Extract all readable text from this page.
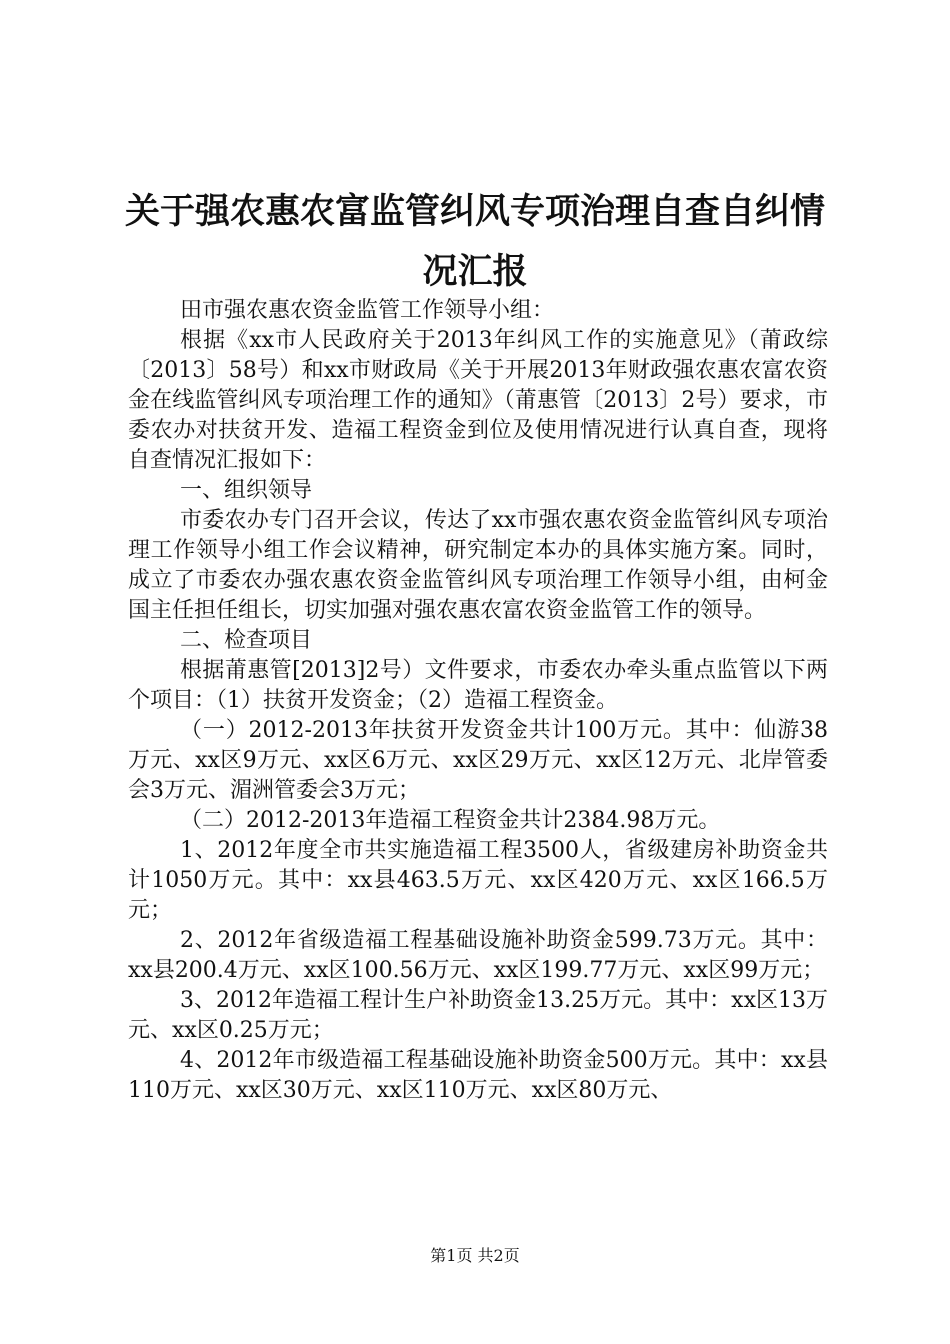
关于强农惠农富监管纠风专项治理自查自纠情
况汇报

田市强农惠农资金监管工作领导小组：

根据《xx市人民政府关于2013年纠风工作的实施意见》（莆政综〔2013〕58号）和xx市财政局《关于开展2013年财政强农惠农富农资金在线监管纠风专项治理工作的通知》（莆惠管〔2013〕2号）要求，市委农办对扶贫开发、造福工程资金到位及使用情况进行认真自查，现将自查情况汇报如下：

一、组织领导

市委农办专门召开会议，传达了xx市强农惠农资金监管纠风专项治理工作领导小组工作会议精神，研究制定本办的具体实施方案。同时，成立了市委农办强农惠农资金监管纠风专项治理工作领导小组，由柯金国主任担任组长，切实加强对强农惠农富农资金监管工作的领导。

二、检查项目

根据莆惠管[2013]2号）文件要求，市委农办牵头重点监管以下两个项目：（1）扶贫开发资金；（2）造福工程资金。

（一）2012-2013年扶贫开发资金共计100万元。其中：仙游38万元、xx区9万元、xx区6万元、xx区29万元、xx区12万元、北岸管委会3万元、湄洲管委会3万元；

（二）2012-2013年造福工程资金共计2384.98万元。

1、2012年度全市共实施造福工程3500人，省级建房补助资金共计1050万元。其中：xx县463.5万元、xx区420万元、xx区166.5万元；

2、2012年省级造福工程基础设施补助资金599.73万元。其中：xx县200.4万元、xx区100.56万元、xx区199.77万元、xx区99万元；

3、2012年造福工程计生户补助资金13.25万元。其中：xx区13万元、xx区0.25万元；

4、2012年市级造福工程基础设施补助资金500万元。其中：xx县110万元、xx区30万元、xx区110万元、xx区80万元、

第1页 共2页
